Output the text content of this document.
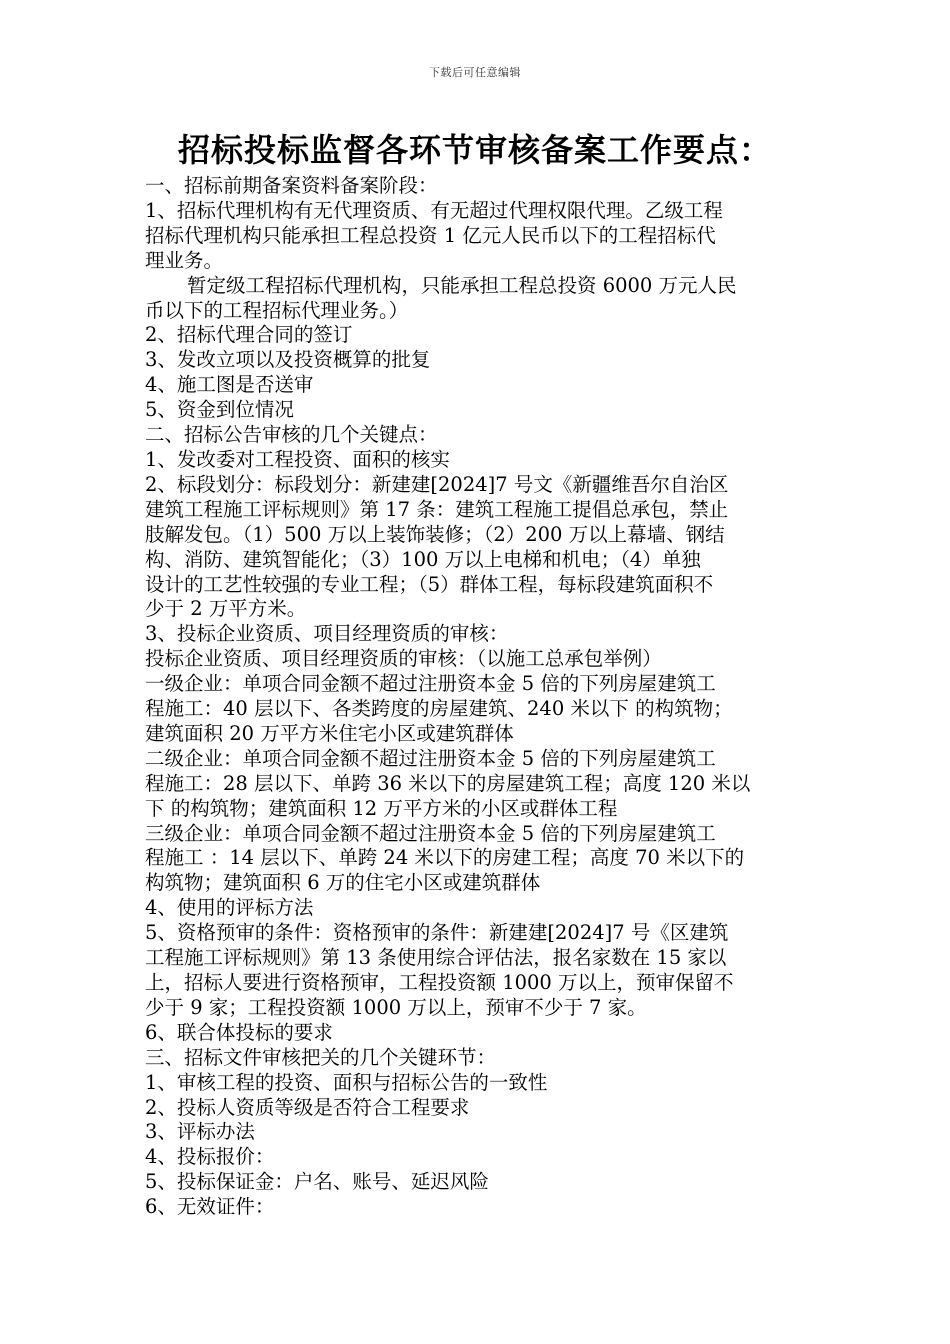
下载后可任意编辑
招标投标监督各环节审核备案工作要点：
一、招标前期备案资料备案阶段：
1、招标代理机构有无代理资质、有无超过代理权限代理。乙级工程
招标代理机构只能承担工程总投资 1 亿元人民币以下的工程招标代
理业务。
暂定级工程招标代理机构，只能承担工程总投资 6000 万元人民
币以下的工程招标代理业务。）
2、招标代理合同的签订
3、发改立项以及投资概算的批复
4、施工图是否送审
5、资金到位情况
二、招标公告审核的几个关键点：
1、发改委对工程投资、面积的核实
2、标段划分：标段划分：新建建[2024]7 号文《新疆维吾尔自治区
建筑工程施工评标规则》第 17 条：建筑工程施工提倡总承包，禁止
肢解发包。（1）500 万以上装饰装修；（2）200 万以上幕墙、钢结
构、消防、建筑智能化；（3）100 万以上电梯和机电；（4）单独
设计的工艺性较强的专业工程；（5）群体工程，每标段建筑面积不
少于 2 万平方米。
3、投标企业资质、项目经理资质的审核：
投标企业资质、项目经理资质的审核：（以施工总承包举例）
一级企业：单项合同金额不超过注册资本金 5 倍的下列房屋建筑工
程施工：40 层以下、各类跨度的房屋建筑、240 米以下 的构筑物；
建筑面积 20 万平方米住宅小区或建筑群体
二级企业：单项合同金额不超过注册资本金 5 倍的下列房屋建筑工
程施工：28 层以下、单跨 36 米以下的房屋建筑工程；高度 120 米以
下 的构筑物；建筑面积 12 万平方米的小区或群体工程
三级企业：单项合同金额不超过注册资本金 5 倍的下列房屋建筑工
程施工 ：14 层以下、单跨 24 米以下的房建工程；高度 70 米以下的
构筑物；建筑面积 6 万的住宅小区或建筑群体
4、使用的评标方法
5、资格预审的条件：资格预审的条件：新建建[2024]7 号《区建筑
工程施工评标规则》第 13 条使用综合评估法，报名家数在 15 家以
上，招标人要进行资格预审，工程投资额 1000 万以上，预审保留不
少于 9 家；工程投资额 1000 万以上，预审不少于 7 家。
6、联合体投标的要求
三、招标文件审核把关的几个关键环节：
1、审核工程的投资、面积与招标公告的一致性
2、投标人资质等级是否符合工程要求
3、评标办法
4、投标报价：
5、投标保证金：户名、账号、延迟风险
6、无效证件：
